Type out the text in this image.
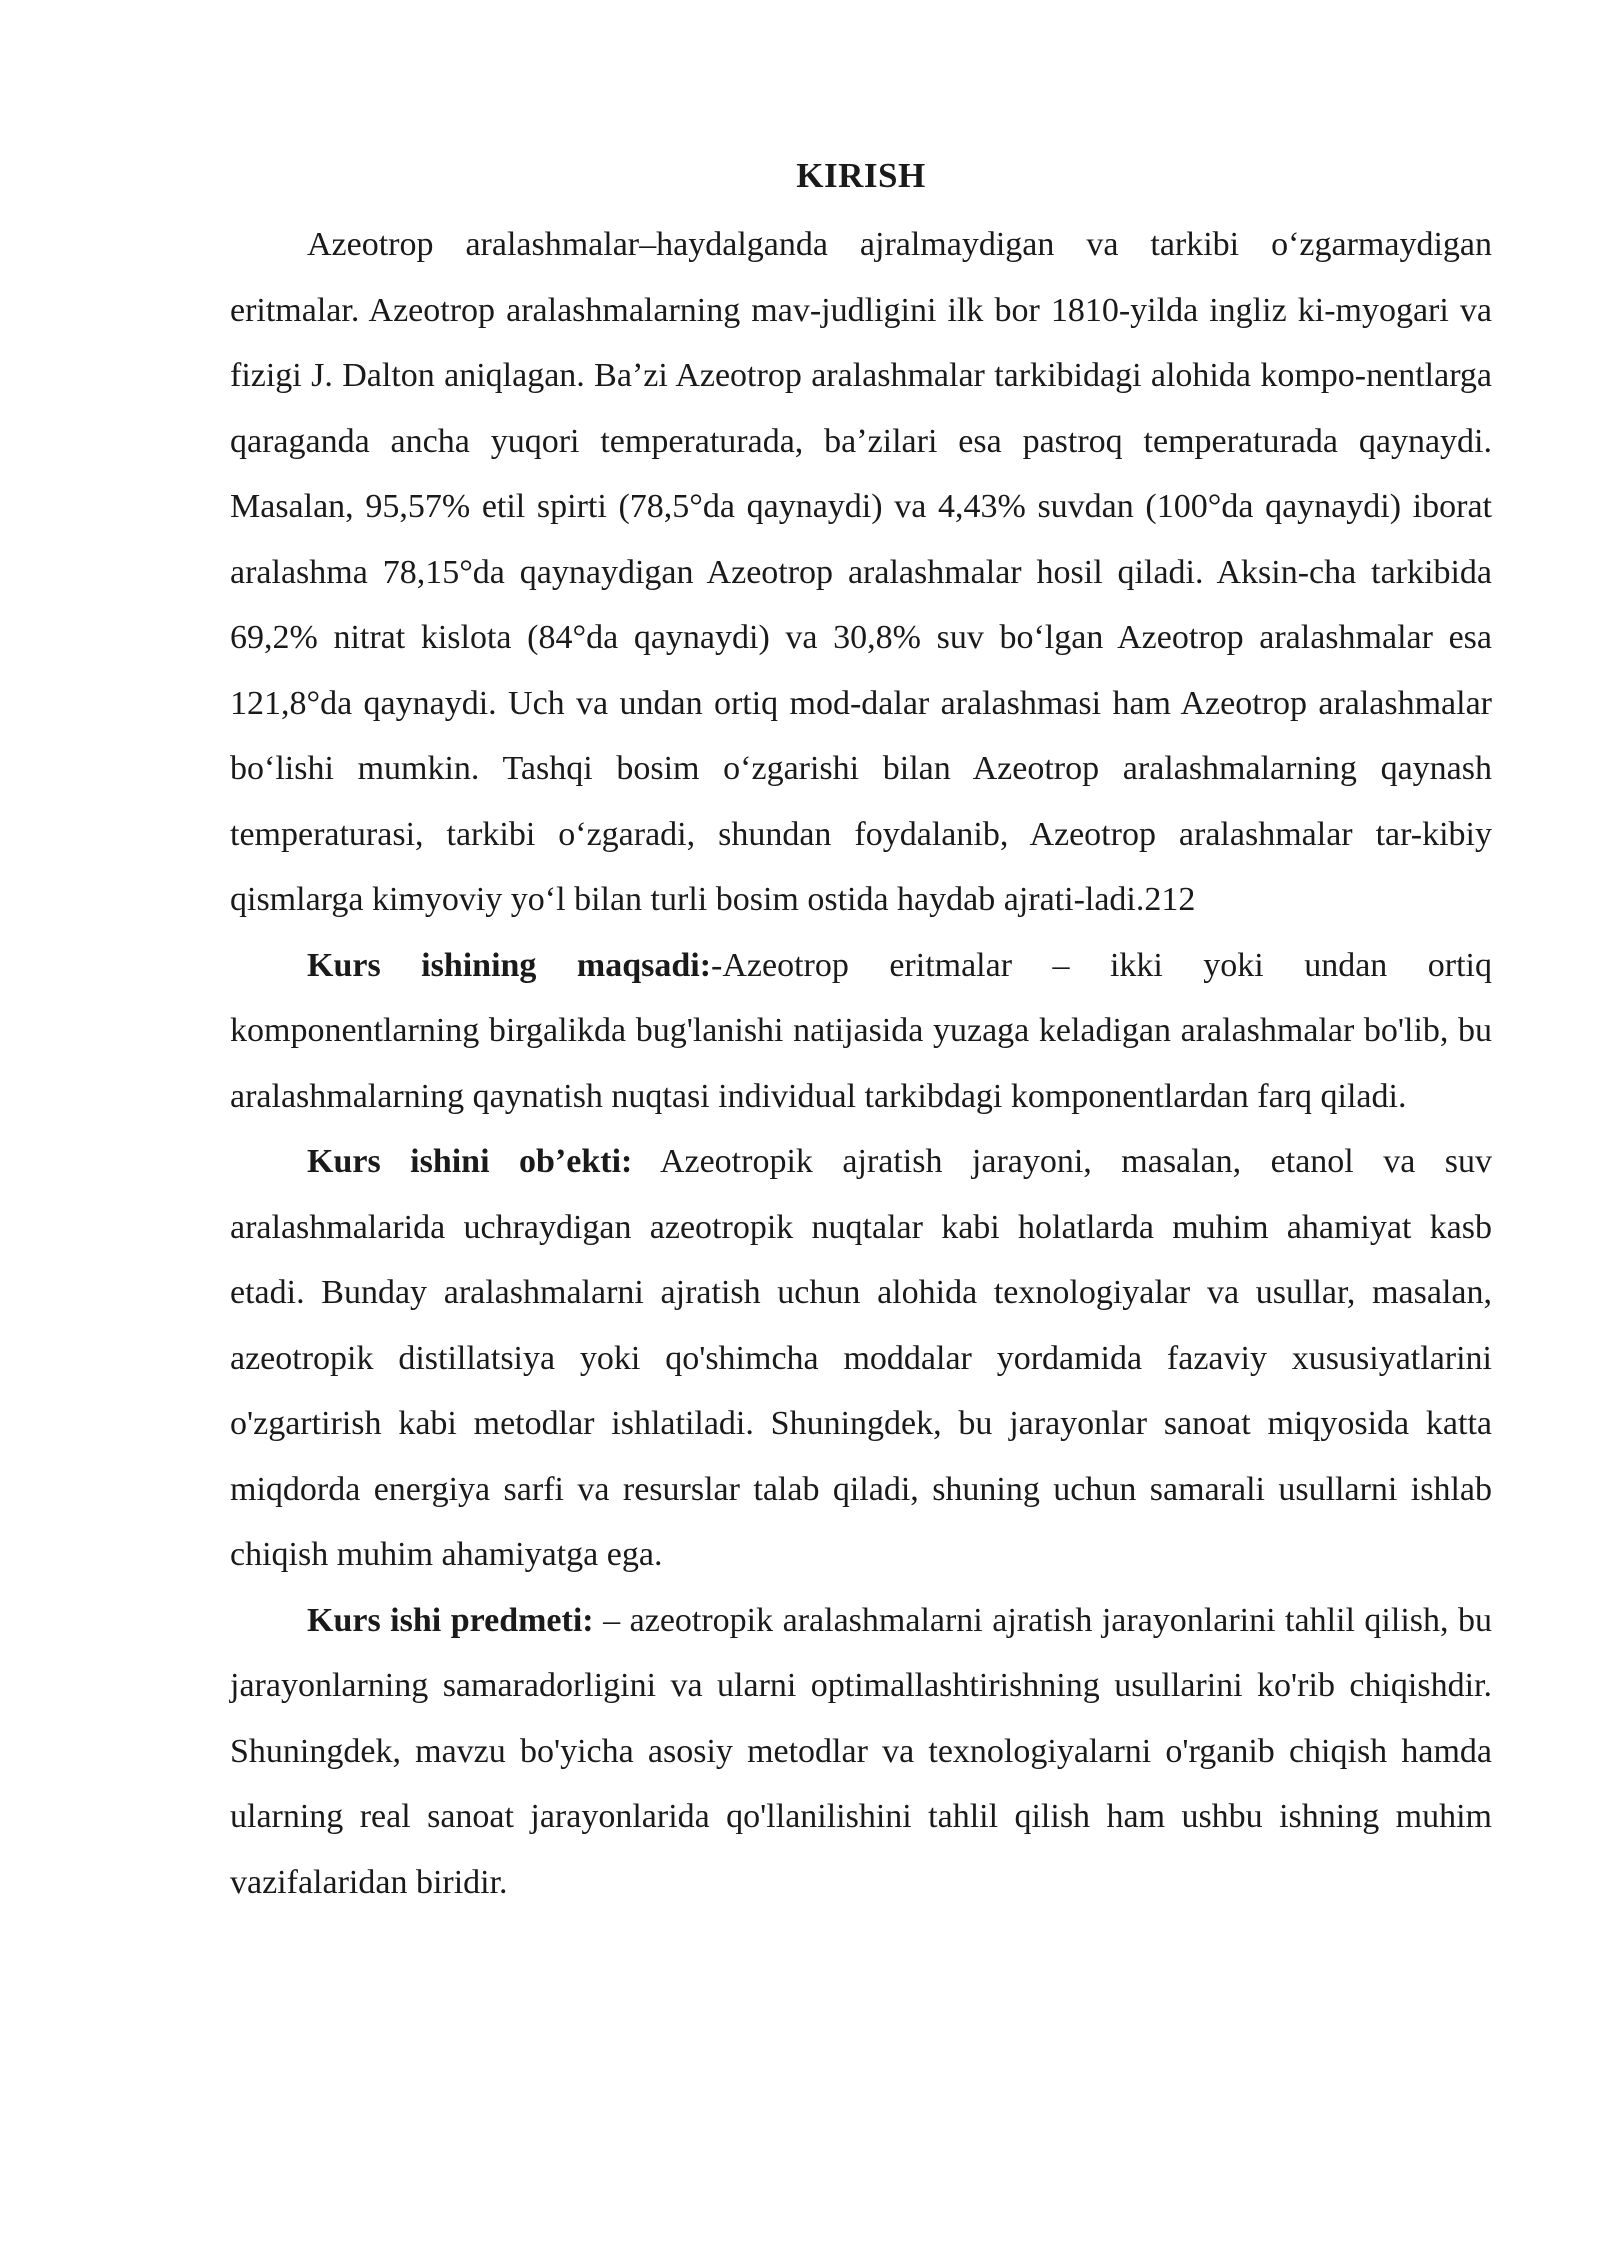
KIRISH

Azeotrop aralashmalar–haydalganda ajralmaydigan va tarkibi oʻzgarmaydigan eritmalar. Azeotrop aralashmalarning mav-judligini ilk bor 1810-yilda ingliz ki-myogari va fizigi J. Dalton aniqlagan. Baʼzi Azeotrop aralashmalar tarkibidagi alohida kompo-nentlarga qaraganda ancha yuqori temperaturada, baʼzilari esa pastroq temperaturada qaynaydi. Masalan, 95,57% etil spirti (78,5°da qaynaydi) va 4,43% suvdan (100°da qaynaydi) iborat aralashma 78,15°da qaynaydigan Azeotrop aralashmalar hosil qiladi. Aksin-cha tarkibida 69,2% nitrat kislota (84°da qaynaydi) va 30,8% suv boʻlgan Azeotrop aralashmalar esa 121,8°da qaynaydi. Uch va undan ortiq mod-dalar aralashmasi ham Azeotrop aralashmalar boʻlishi mumkin. Tashqi bosim oʻzgarishi bilan Azeotrop aralashmalarning qaynash temperaturasi, tarkibi oʻzgaradi, shundan foydalanib, Azeotrop aralashmalar tar-kibiy qismlarga kimyoviy yoʻl bilan turli bosim ostida haydab ajrati-ladi.212

Kurs ishining maqsadi:-Azeotrop eritmalar – ikki yoki undan ortiq komponentlarning birgalikda bug'lanishi natijasida yuzaga keladigan aralashmalar bo'lib, bu aralashmalarning qaynatish nuqtasi individual tarkibdagi komponentlardan farq qiladi.

Kurs ishini obʼekti: Azeotropik ajratish jarayoni, masalan, etanol va suv aralashmalarida uchraydigan azeotropik nuqtalar kabi holatlarda muhim ahamiyat kasb etadi. Bunday aralashmalarni ajratish uchun alohida texnologiyalar va usullar, masalan, azeotropik distillatsiya yoki qo'shimcha moddalar yordamida fazaviy xususiyatlarini o'zgartirish kabi metodlar ishlatiladi. Shuningdek, bu jarayonlar sanoat miqyosida katta miqdorda energiya sarfi va resurslar talab qiladi, shuning uchun samarali usullarni ishlab chiqish muhim ahamiyatga ega.

Kurs ishi predmeti: – azeotropik aralashmalarni ajratish jarayonlarini tahlil qilish, bu jarayonlarning samaradorligini va ularni optimallashtirishning usullarini ko'rib chiqishdir. Shuningdek, mavzu bo'yicha asosiy metodlar va texnologiyalarni o'rganib chiqish hamda ularning real sanoat jarayonlarida qo'llanilishini tahlil qilish ham ushbu ishning muhim vazifalaridan biridir.
